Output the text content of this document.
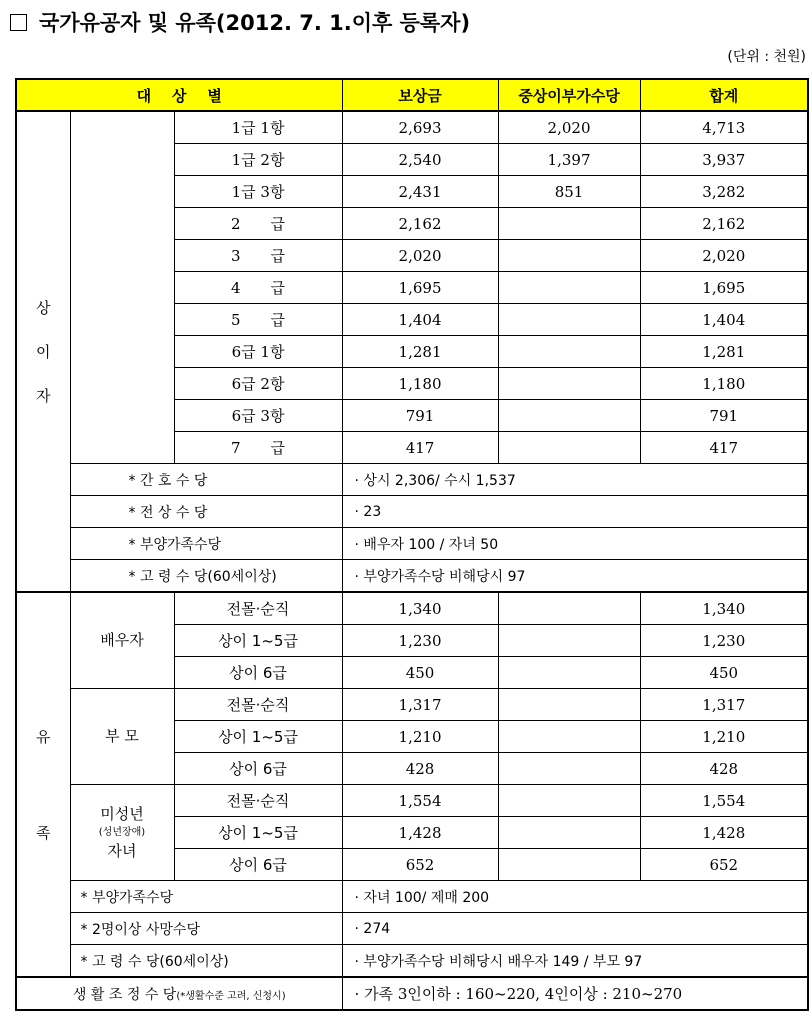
국가유공자 및 유족(2012. 7. 1.이후 등록자)
(단위 : 천원)
대    상    별			보상금	중상이부가수당	합계

상
이
자		1급 1항	2,693	2,020	4,713
		1급 2항	2,540	1,397	3,937
		1급 3항	2,431	851	3,282
		2　　급	2,162		2,162
		3　　급	2,020		2,020
		4　　급	1,695		1,695
		5　　급	1,404		1,404
		6급 1항	1,281		1,281
		6급 2항	1,180		1,180
		6급 3항	791		791
		7　　급	417		417
	* 간 호 수 당		· 상시 2,306/ 수시 1,537		
	* 전 상 수 당		· 23		
	* 부양가족수당		· 배우자 100 / 자녀 50		
	* 고 령 수 당(60세이상)		· 부양가족수당 비해당시 97		

유
족	배우자	전몰·순직	1,340		1,340
		상이 1~5급	1,230		1,230
		상이 6급	450		450

	부 모	전몰·순직	1,317		1,317
		상이 1~5급	1,210		1,210
		상이 6급	428		428

	미성년
(성년장애)
자녀	전몰·순직	1,554		1,554
		상이 1~5급	1,428		1,428
		상이 6급	652		652
	* 부양가족수당		· 자녀 100/ 제매 200		
	* 2명이상 사망수당		· 274		
	* 고 령 수 당(60세이상)		· 부양가족수당 비해당시 배우자 149 / 부모 97		
생 활 조 정 수 당(*생활수준 고려, 신청시)			· 가족 3인이하 : 160~220, 4인이상 : 210~270		
